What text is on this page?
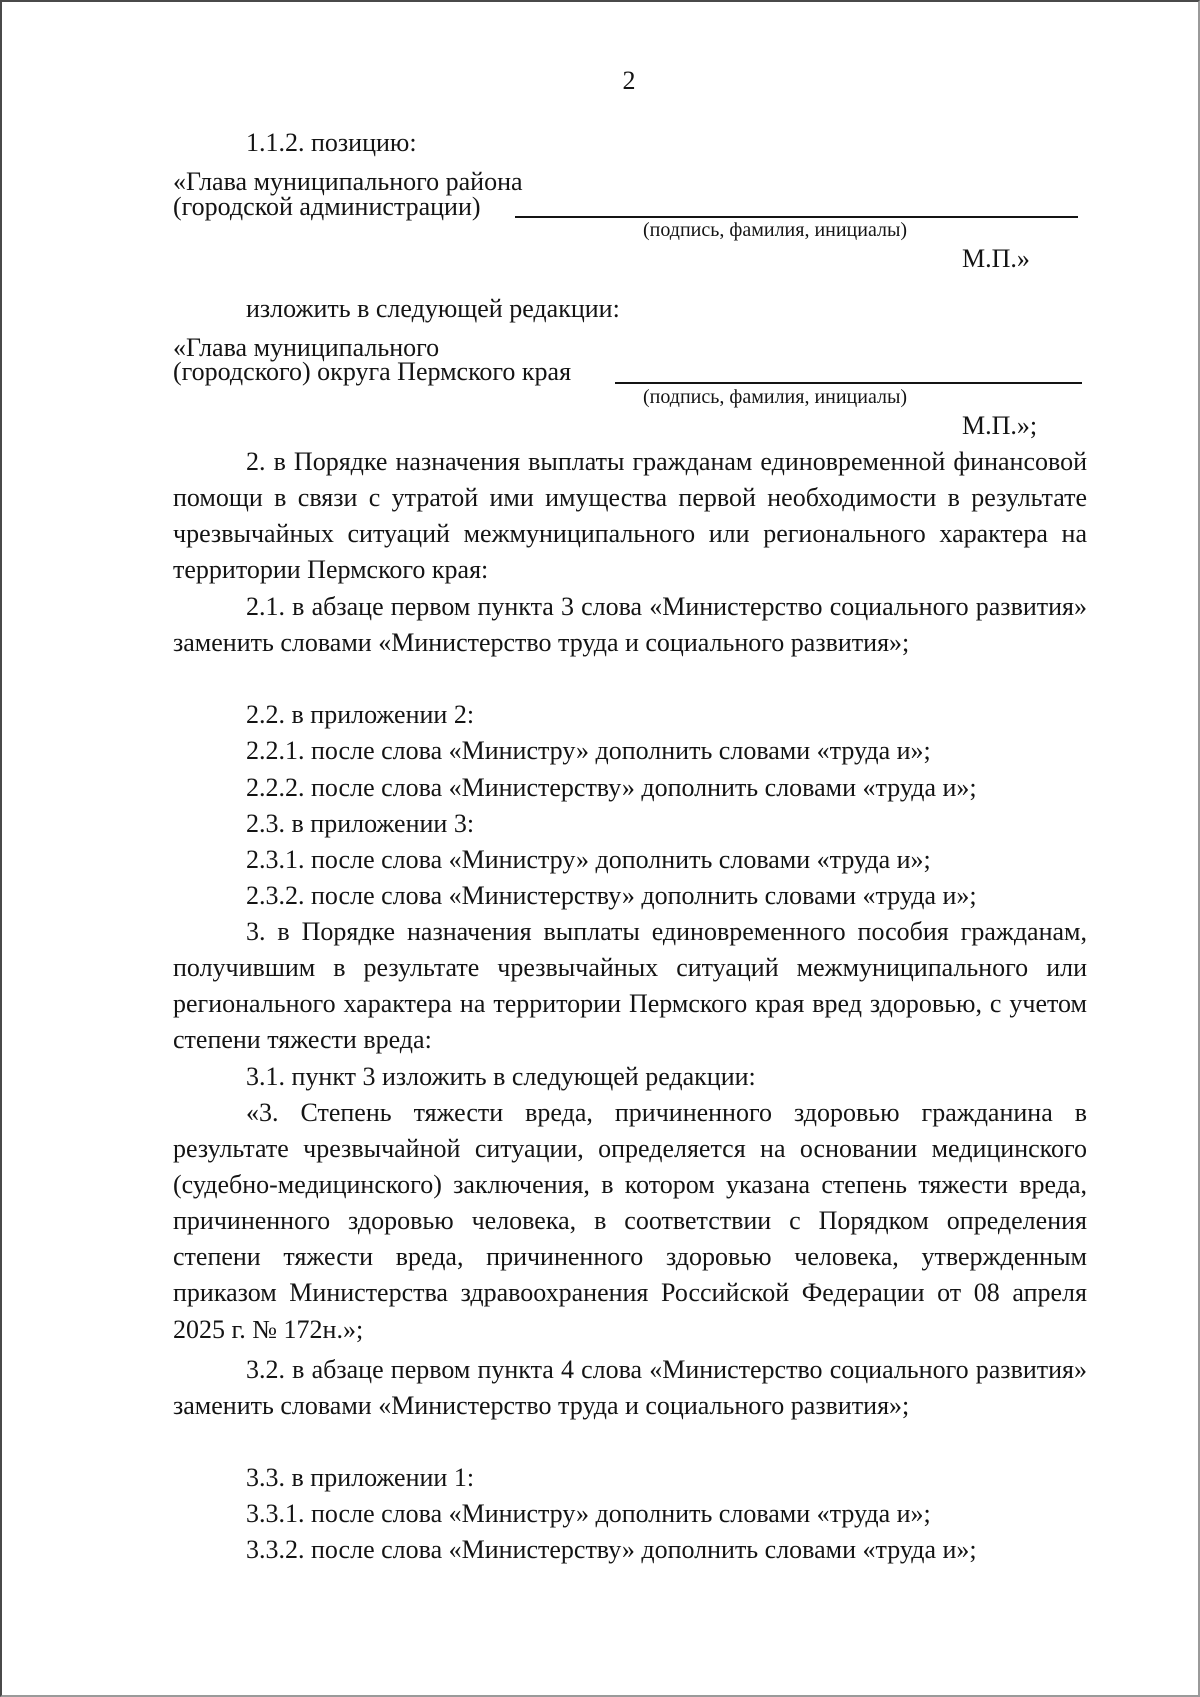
2
1.1.2. позицию:
«Глава муниципального района
(городской администрации)
(подпись, фамилия, инициалы)
М.П.»
изложить в следующей редакции:
«Глава муниципального
(городского) округа Пермского края
(подпись, фамилия, инициалы)
М.П.»;
2. в Порядке назначения выплаты гражданам единовременной финансовой помощи в связи с утратой ими имущества первой необходимости в результате чрезвычайных ситуаций межмуниципального или регионального характера на территории Пермского края:
2.1. в абзаце первом пункта 3 слова «Министерство социального развития» заменить словами «Министерство труда и социального развития»;
2.2. в приложении 2:
2.2.1. после слова «Министру» дополнить словами «труда и»;
2.2.2. после слова «Министерству» дополнить словами «труда и»;
2.3. в приложении 3:
2.3.1. после слова «Министру» дополнить словами «труда и»;
2.3.2. после слова «Министерству» дополнить словами «труда и»;
3. в Порядке назначения выплаты единовременного пособия гражданам, получившим в результате чрезвычайных ситуаций межмуниципального или регионального характера на территории Пермского края вред здоровью, с учетом степени тяжести вреда:
3.1. пункт 3 изложить в следующей редакции:
«3. Степень тяжести вреда, причиненного здоровью гражданина в результате чрезвычайной ситуации, определяется на основании медицинского (судебно-медицинского) заключения, в котором указана степень тяжести вреда, причиненного здоровью человека, в соответствии с Порядком определения степени тяжести вреда, причиненного здоровью человека, утвержденным приказом Министерства здравоохранения Российской Федерации от 08 апреля 2025 г. № 172н.»;
3.2. в абзаце первом пункта 4 слова «Министерство социального развития» заменить словами «Министерство труда и социального развития»;
3.3. в приложении 1:
3.3.1. после слова «Министру» дополнить словами «труда и»;
3.3.2. после слова «Министерству» дополнить словами «труда и»;
